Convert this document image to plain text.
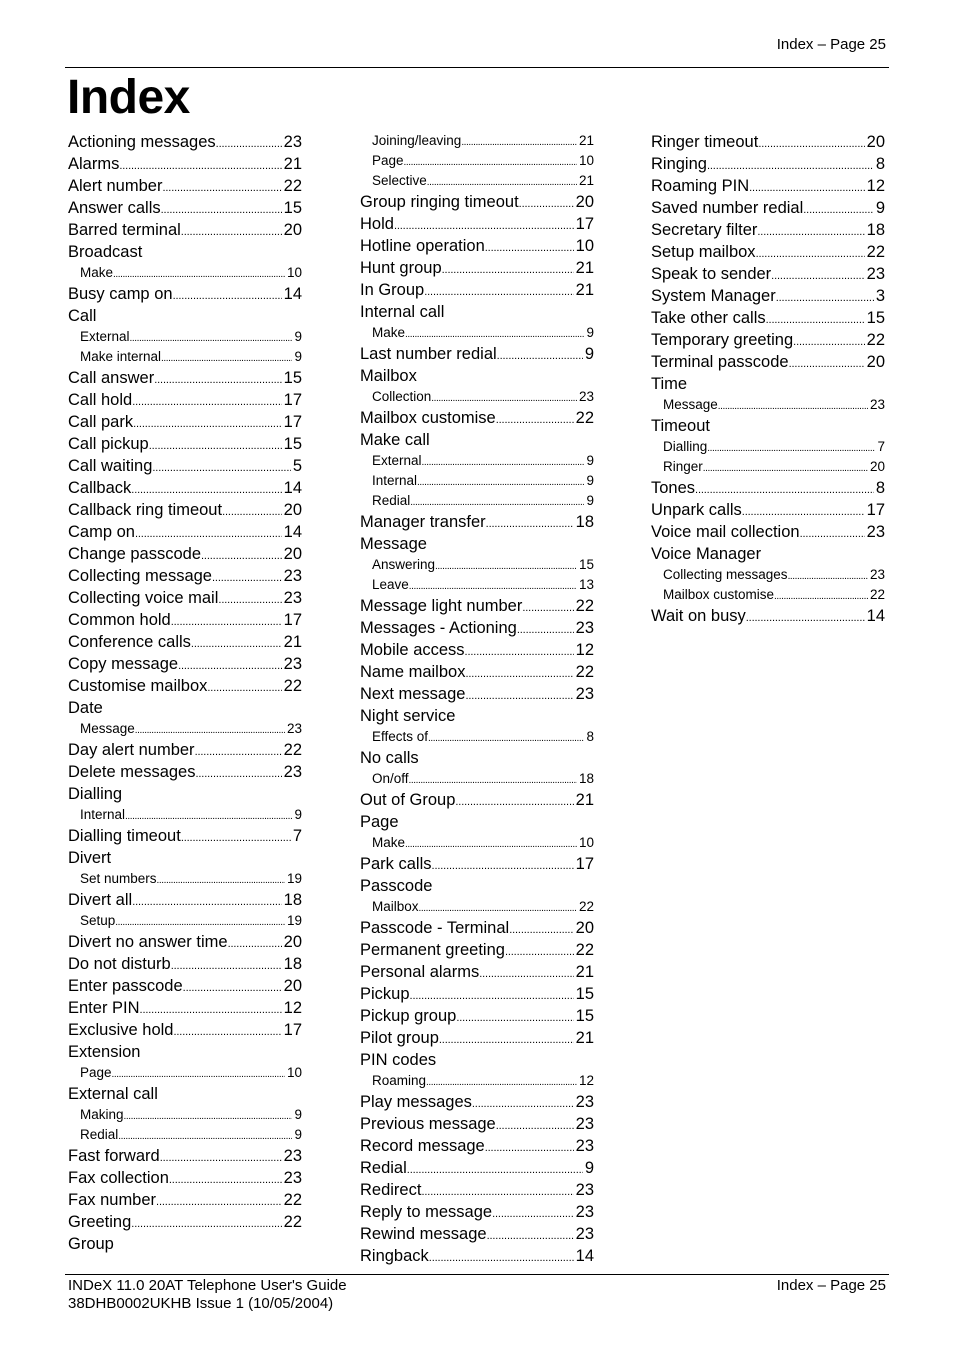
Index – Page 25
Index
Actioning messages . . .	23
Alarms . . .	21
Alert number . . .	22
Answer calls . . .	15
Barred terminal . . .	20
Broadcast
Make . . .	10
Busy camp on . . .	14
Call
External . . .	9
Make internal . . .	9
Call answer . . .	15
Call hold . . .	17
Call park . . .	17
Call pickup . . .	15
Call waiting . . .	5
Callback . . .	14
Callback ring timeout . . .	20
Camp on . . .	14
Change passcode . . .	20
Collecting message . . .	23
Collecting voice mail . . .	23
Common hold . . .	17
Conference calls . . .	21
Copy message . . .	23
Customise mailbox . . .	22
Date
Message . . .	23
Day alert number . . .	22
Delete messages . . .	23
Dialling
Internal . . .	9
Dialling timeout . . .	7
Divert
Set numbers . . .	19
Divert all . . .	18
Setup . . .	19
Divert no answer time . . .	20
Do not disturb . . .	18
Enter passcode . . .	20
Enter PIN . . .	12
Exclusive hold . . .	17
Extension
Page . . .	10
External call
Making . . .	9
Redial . . .	9
Fast forward . . .	23
Fax collection . . .	23
Fax number . . .	22
Greeting . . .	22
Group
Joining/leaving . . .	21
Page . . .	10
Selective . . .	21
Group ringing timeout . . .	20
Hold . . .	17
Hotline operation . . .	10
Hunt group . . .	21
In Group . . .	21
Internal call
Make . . .	9
Last number redial . . .	9
Mailbox
Collection . . .	23
Mailbox customise . . .	22
Make call
External . . .	9
Internal . . .	9
Redial . . .	9
Manager transfer . . .	18
Message
Answering . . .	15
Leave . . .	13
Message light number . . .	22
Messages - Actioning . . .	23
Mobile access . . .	12
Name mailbox . . .	22
Next message . . .	23
Night service
Effects of . . .	8
No calls
On/off . . .	18
Out of Group . . .	21
Page
Make . . .	10
Park calls . . .	17
Passcode
Mailbox . . .	22
Passcode - Terminal . . .	20
Permanent greeting . . .	22
Personal alarms . . .	21
Pickup . . .	15
Pickup group . . .	15
Pilot group . . .	21
PIN codes
Roaming . . .	12
Play messages . . .	23
Previous message . . .	23
Record message . . .	23
Redial . . .	9
Redirect . . .	23
Reply to message . . .	23
Rewind message . . .	23
Ringback . . .	14
Ringer timeout . . .	20
Ringing . . .	8
Roaming PIN . . .	12
Saved number redial . . .	9
Secretary filter . . .	18
Setup mailbox . . .	22
Speak to sender . . .	23
System Manager . . .	3
Take other calls . . .	15
Temporary greeting . . .	22
Terminal passcode . . .	20
Time
Message . . .	23
Timeout
Dialling . . .	7
Ringer . . .	20
Tones . . .	8
Unpark calls . . .	17
Voice mail collection . . .	23
Voice Manager
Collecting messages . . .	23
Mailbox customise . . .	22
Wait on busy . . .	14
INDeX 11.0 20AT Telephone User's Guide
38DHB0002UKHB Issue 1 (10/05/2004)
Index – Page 25
